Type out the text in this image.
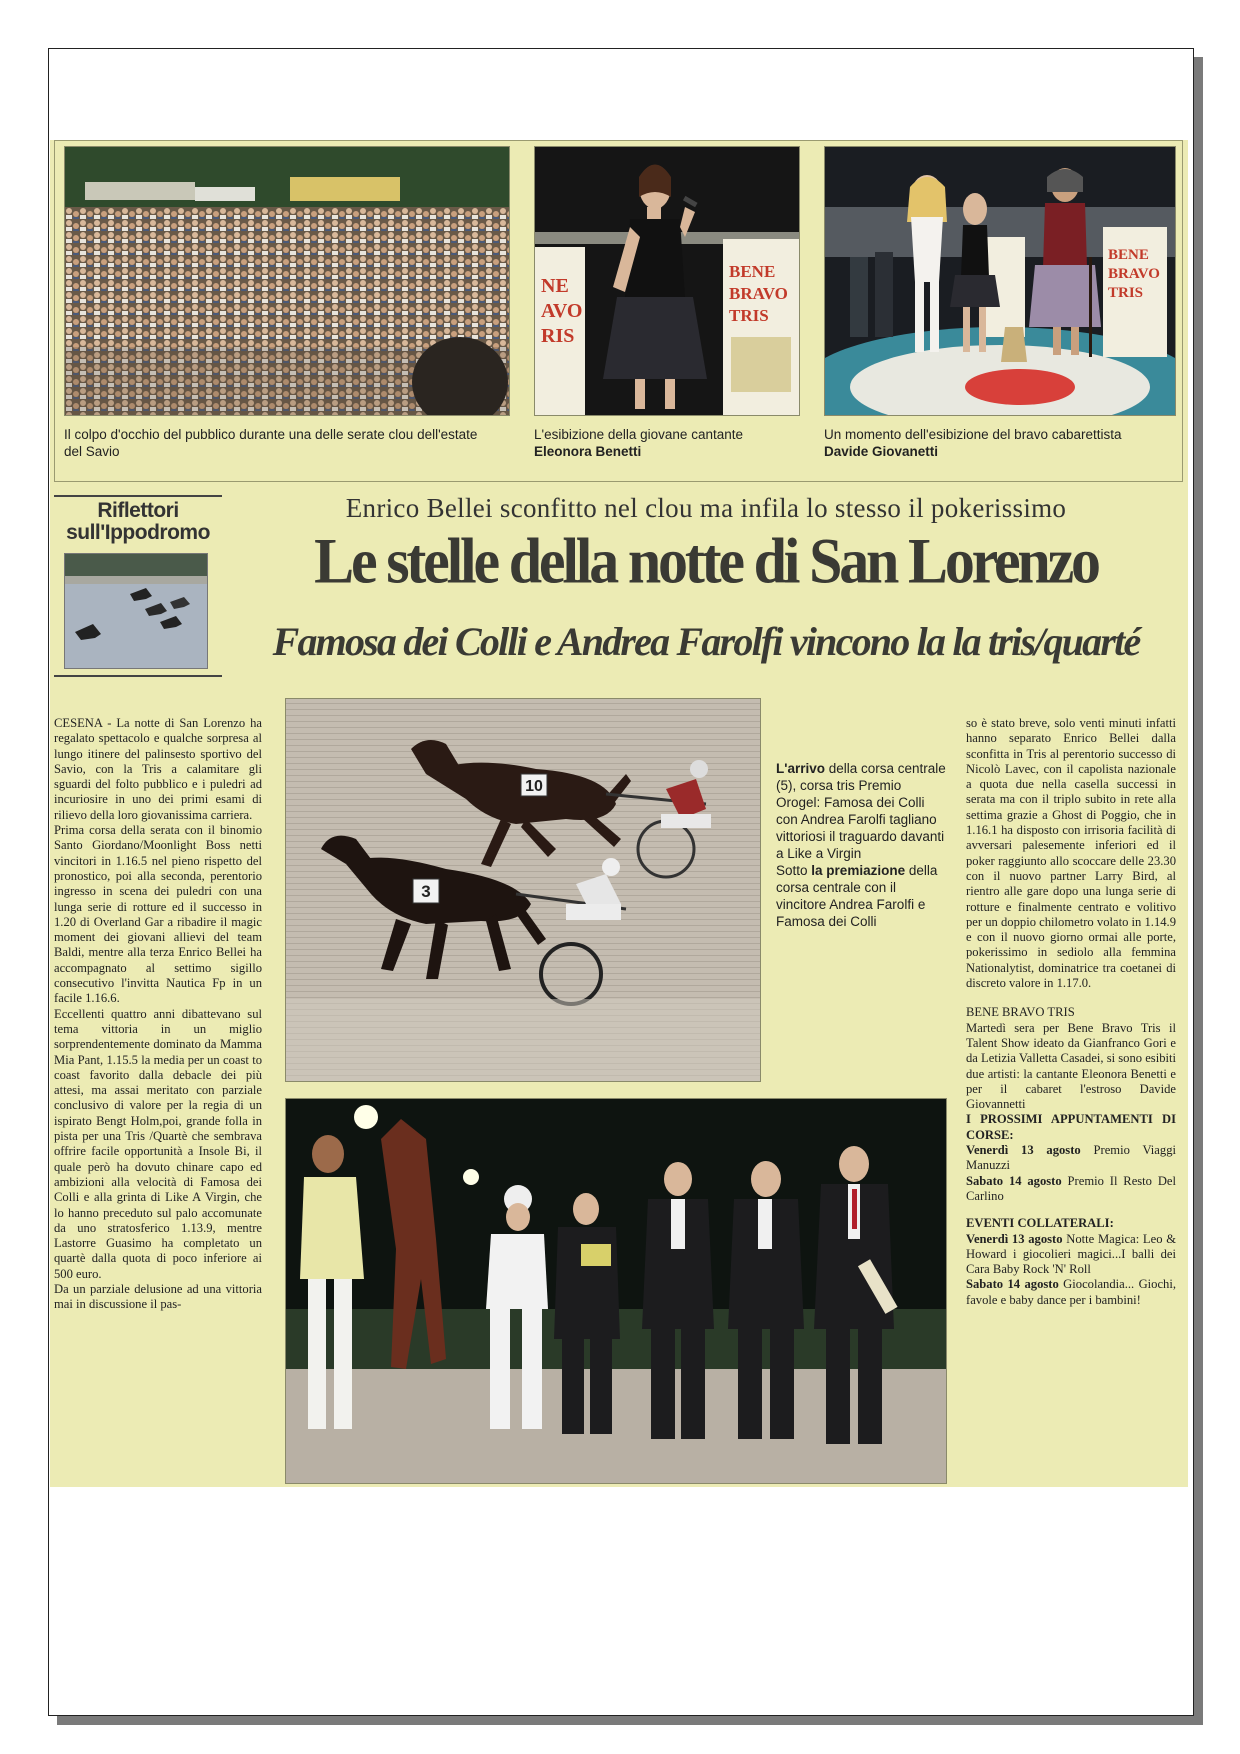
Il colpo d'occhio del pubblico durante una delle serate clou dell'estate del Savio
NE
AVO
RIS
BENE
BRAVO
TRIS
L'esibizione della giovane cantante
Eleonora Benetti
BENE
BRAVO
TRIS
Un momento dell'esibizione del bravo cabarettista
Davide Giovanetti
Riflettori
sull'Ippodromo
Enrico Bellei sconfitto nel clou ma infila lo stesso il pokerissimo
Le stelle della notte di San Lorenzo
Famosa dei Colli e Andrea Farolfi vincono la la tris/quarté

CESENA - La notte di San Lorenzo ha regalato spettacolo e qualche sorpresa al lungo itinere del palinsesto sportivo del Savio, con la Tris a calamitare gli sguardi del folto pubblico e i puledri ad incuriosire in uno dei primi esami di rilievo della loro giovanissima carriera.

Prima corsa della serata con il binomio Santo Giordano/Moonlight Boss netti vincitori in 1.16.5 nel pieno rispetto del pronostico, poi alla seconda, perentorio ingresso in scena dei puledri con una lunga serie di rotture ed il successo in 1.20 di Overland Gar a ribadire il magic moment dei giovani allievi del team Baldi, mentre alla terza Enrico Bellei ha accompagnato al settimo sigillo consecutivo l'invitta Nautica Fp in un facile 1.16.6.

Eccellenti quattro anni dibattevano sul tema vittoria in un miglio sorprendentemente dominato da Mamma Mia Pant, 1.15.5 la media per un coast to coast favorito dalla debacle dei più attesi, ma assai meritato con parziale conclusivo di valore per la regia di un ispirato Bengt Holm,poi, grande folla in pista per una Tris /Quartè che sembrava offrire facile opportunità a Insole Bi, il quale però ha dovuto chinare capo ed ambizioni alla velocità di Famosa dei Colli e alla grinta di Like A Virgin, che lo hanno preceduto sul palo accomunate da uno stratosferico 1.13.9, mentre Lastorre Guasimo ha completato un quartè dalla quota di poco inferiore ai 500 euro.

Da un parziale delusione ad una vittoria mai in discussione il pas-

10
3
L'arrivo della corsa centrale (5), corsa tris Premio Orogel: Famosa dei Colli con Andrea Farolfi tagliano vittoriosi il traguardo davanti a Like a Virgin
Sotto la premiazione della corsa centrale con il vincitore Andrea Farolfi e Famosa dei Colli

so è stato breve, solo venti minuti infatti hanno separato Enrico Bellei dalla sconfitta in Tris al perentorio successo di Nicolò Lavec, con il capolista nazionale a quota due nella casella successi in serata ma con il triplo subito in rete alla settima grazie a Ghost di Poggio, che in 1.16.1 ha disposto con irrisoria facilità di avversari palesemente inferiori ed il poker raggiunto allo scoccare delle 23.30 con il nuovo partner Larry Bird, al rientro alle gare dopo una lunga serie di rotture e finalmente centrato e volitivo per un doppio chilometro volato in 1.14.9 e con il nuovo giorno ormai alle porte, pokerissimo in sediolo alla femmina Nationalytist, dominatrice tra coetanei di discreto valore in 1.17.0.

BENE BRAVO TRIS

Martedì sera per Bene Bravo Tris il Talent Show ideato da Gianfranco Gori e da Letizia Valletta Casadei, si sono esibiti due artisti: la cantante Eleonora Benetti e per il cabaret l'estroso Davide Giovannetti

I PROSSIMI APPUNTAMENTI DI CORSE:

Venerdì 13 agosto Premio Viaggi Manuzzi

Sabato 14 agosto Premio Il Resto Del Carlino

EVENTI COLLATERALI:

Venerdì 13 agosto Notte Magica: Leo & Howard i giocolieri magici...I balli dei Cara Baby Rock 'N' Roll

Sabato 14 agosto Giocolandia... Giochi, favole e baby dance per i bambini!
